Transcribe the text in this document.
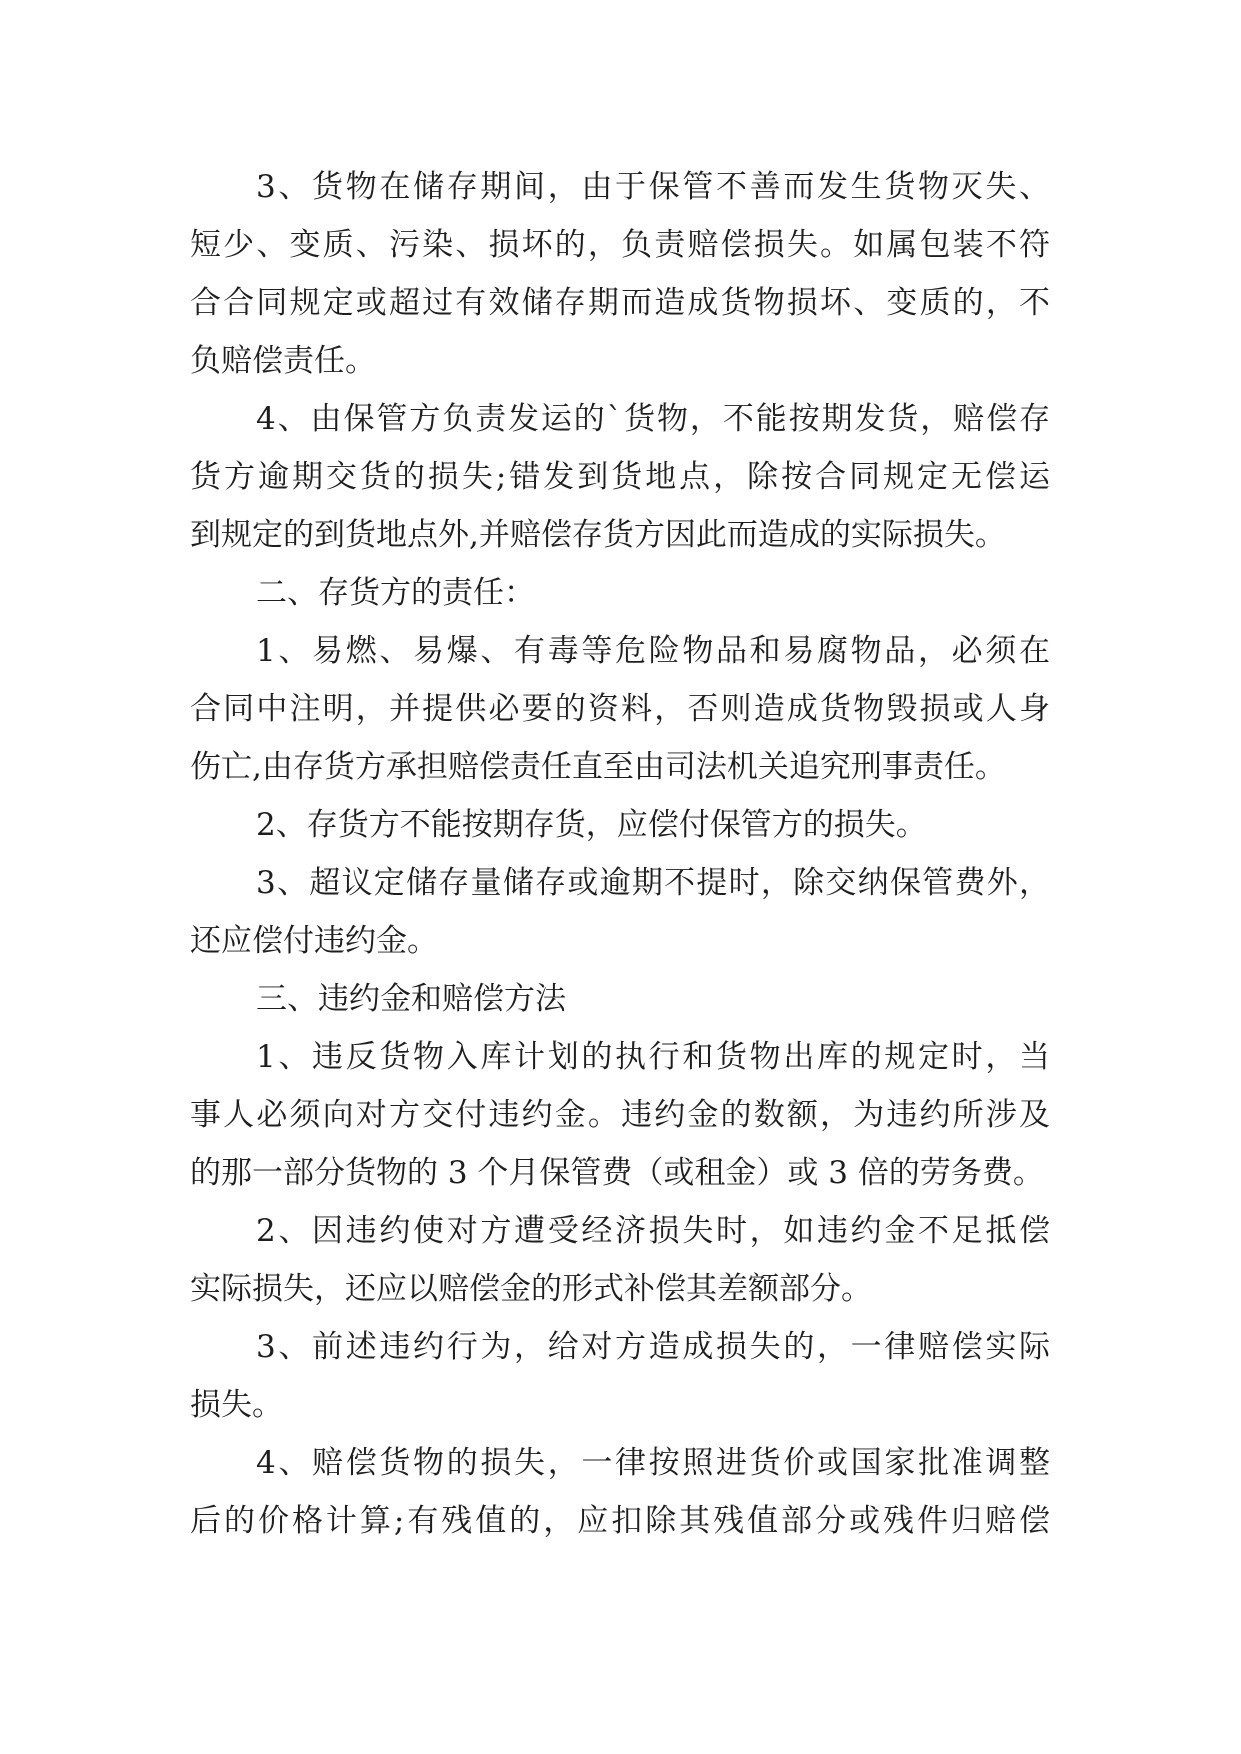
3、货物在储存期间，由于保管不善而发生货物灭失、
短少、变质、污染、损坏的，负责赔偿损失。如属包装不符
合合同规定或超过有效储存期而造成货物损坏、变质的，不
负赔偿责任。
4、由保管方负责发运的`货物，不能按期发货，赔偿存
货方逾期交货的损失;错发到货地点，除按合同规定无偿运
到规定的到货地点外,并赔偿存货方因此而造成的实际损失。
二、存货方的责任：
1、易燃、易爆、有毒等危险物品和易腐物品，必须在
合同中注明，并提供必要的资料，否则造成货物毁损或人身
伤亡,由存货方承担赔偿责任直至由司法机关追究刑事责任。
2、存货方不能按期存货，应偿付保管方的损失。
3、超议定储存量储存或逾期不提时，除交纳保管费外，
还应偿付违约金。
三、违约金和赔偿方法
1、违反货物入库计划的执行和货物出库的规定时，当
事人必须向对方交付违约金。违约金的数额，为违约所涉及
的那一部分货物的 3 个月保管费（或租金）或 3 倍的劳务费。
2、因违约使对方遭受经济损失时，如违约金不足抵偿
实际损失，还应以赔偿金的形式补偿其差额部分。
3、前述违约行为，给对方造成损失的，一律赔偿实际
损失。
4、赔偿货物的损失，一律按照进货价或国家批准调整
后的价格计算;有残值的，应扣除其残值部分或残件归赔偿
